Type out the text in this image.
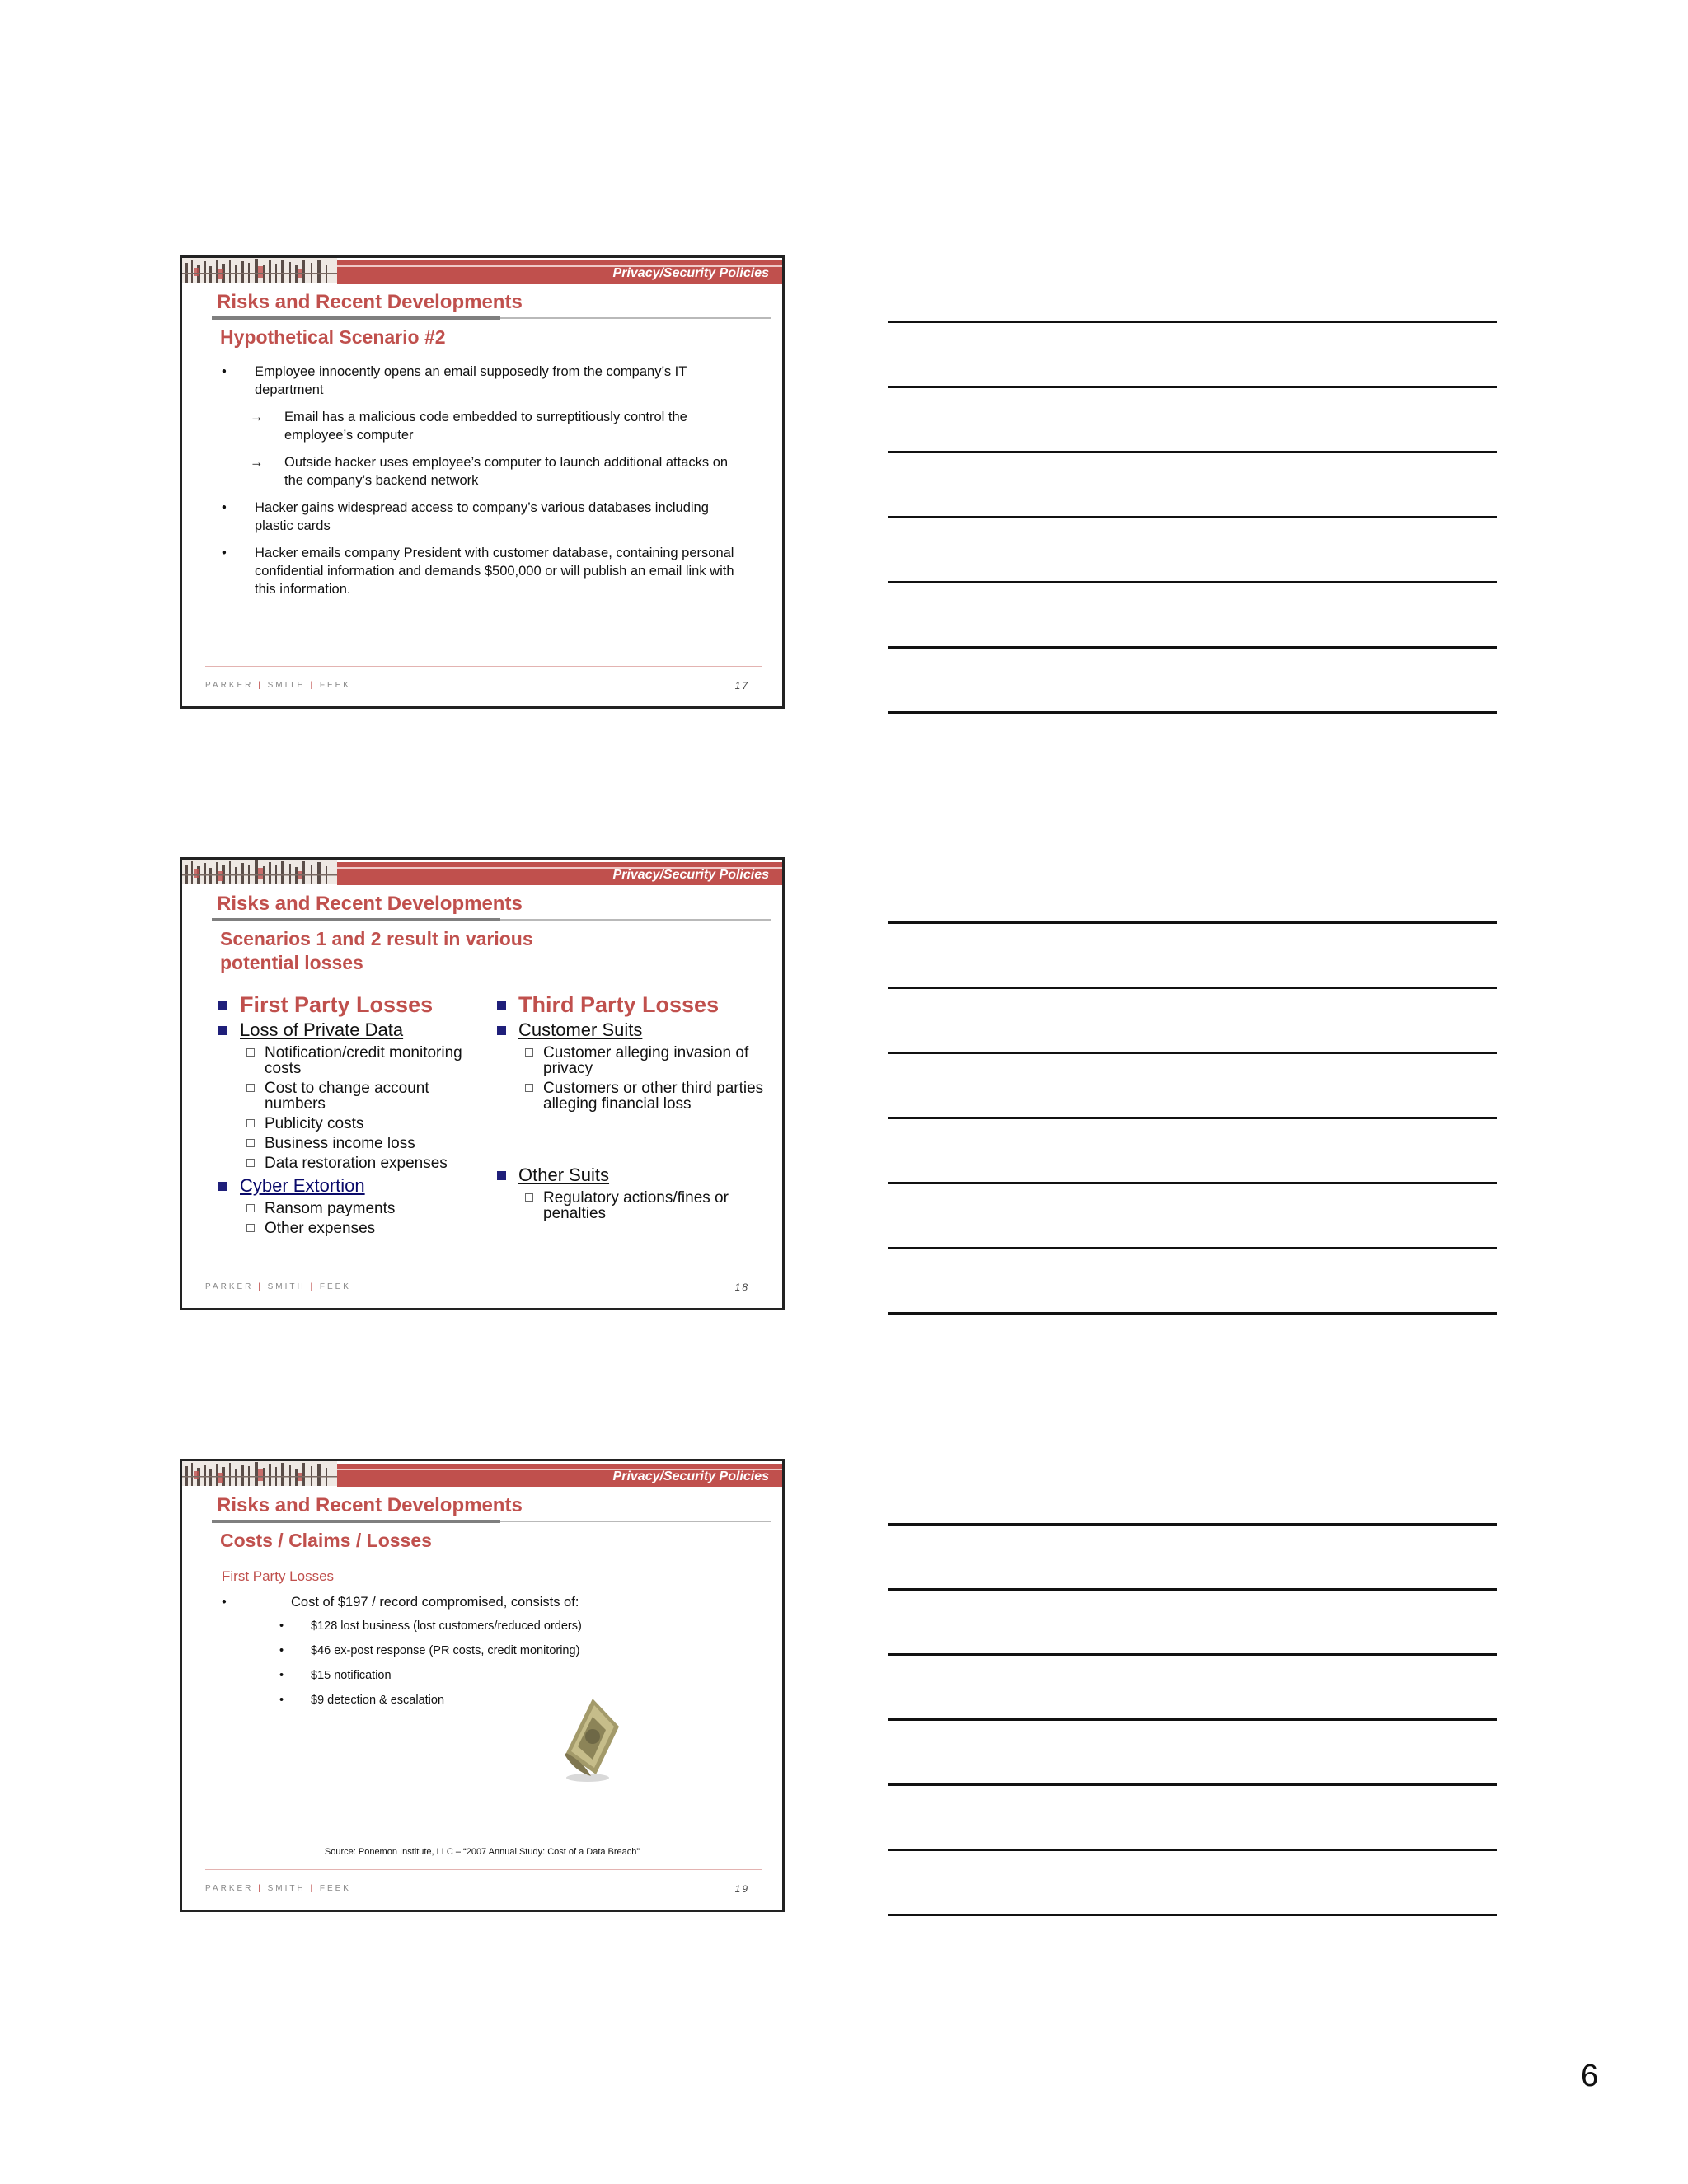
Privacy/Security Policies
Risks and Recent Developments
Hypothetical Scenario #2
• Employee innocently opens an email supposedly from the company’s IT department
→ Email has a malicious code embedded to surreptitiously control the employee’s computer
→ Outside hacker uses employee’s computer to launch additional attacks on the company’s backend network
• Hacker gains widespread access to company’s various databases including plastic cards
• Hacker emails company President with customer database, containing personal confidential information and demands $500,000 or will publish an email link with this information.
PARKER | SMITH | FEEK	17
Privacy/Security Policies
Risks and Recent Developments
Scenarios 1 and 2 result in various
potential losses
First Party Losses
Loss of Private Data
Notification/credit monitoring costs
Cost to change account numbers
Publicity costs
Business income loss
Data restoration expenses
Cyber Extortion
Ransom payments
Other expenses
Third Party Losses
Customer Suits
Customer alleging invasion of privacy
Customers or other third parties alleging financial loss
Other Suits
Regulatory actions/fines or penalties
PARKER | SMITH | FEEK	18
Privacy/Security Policies
Risks and Recent Developments
Costs / Claims / Losses
First Party Losses
•	Cost of $197 / record compromised, consists of:
• $128 lost business (lost customers/reduced orders)
• $46 ex-post response (PR costs, credit monitoring)
• $15 notification
• $9 detection & escalation
Source: Ponemon Institute, LLC – “2007 Annual Study: Cost of a Data Breach”
PARKER | SMITH | FEEK	19
6
